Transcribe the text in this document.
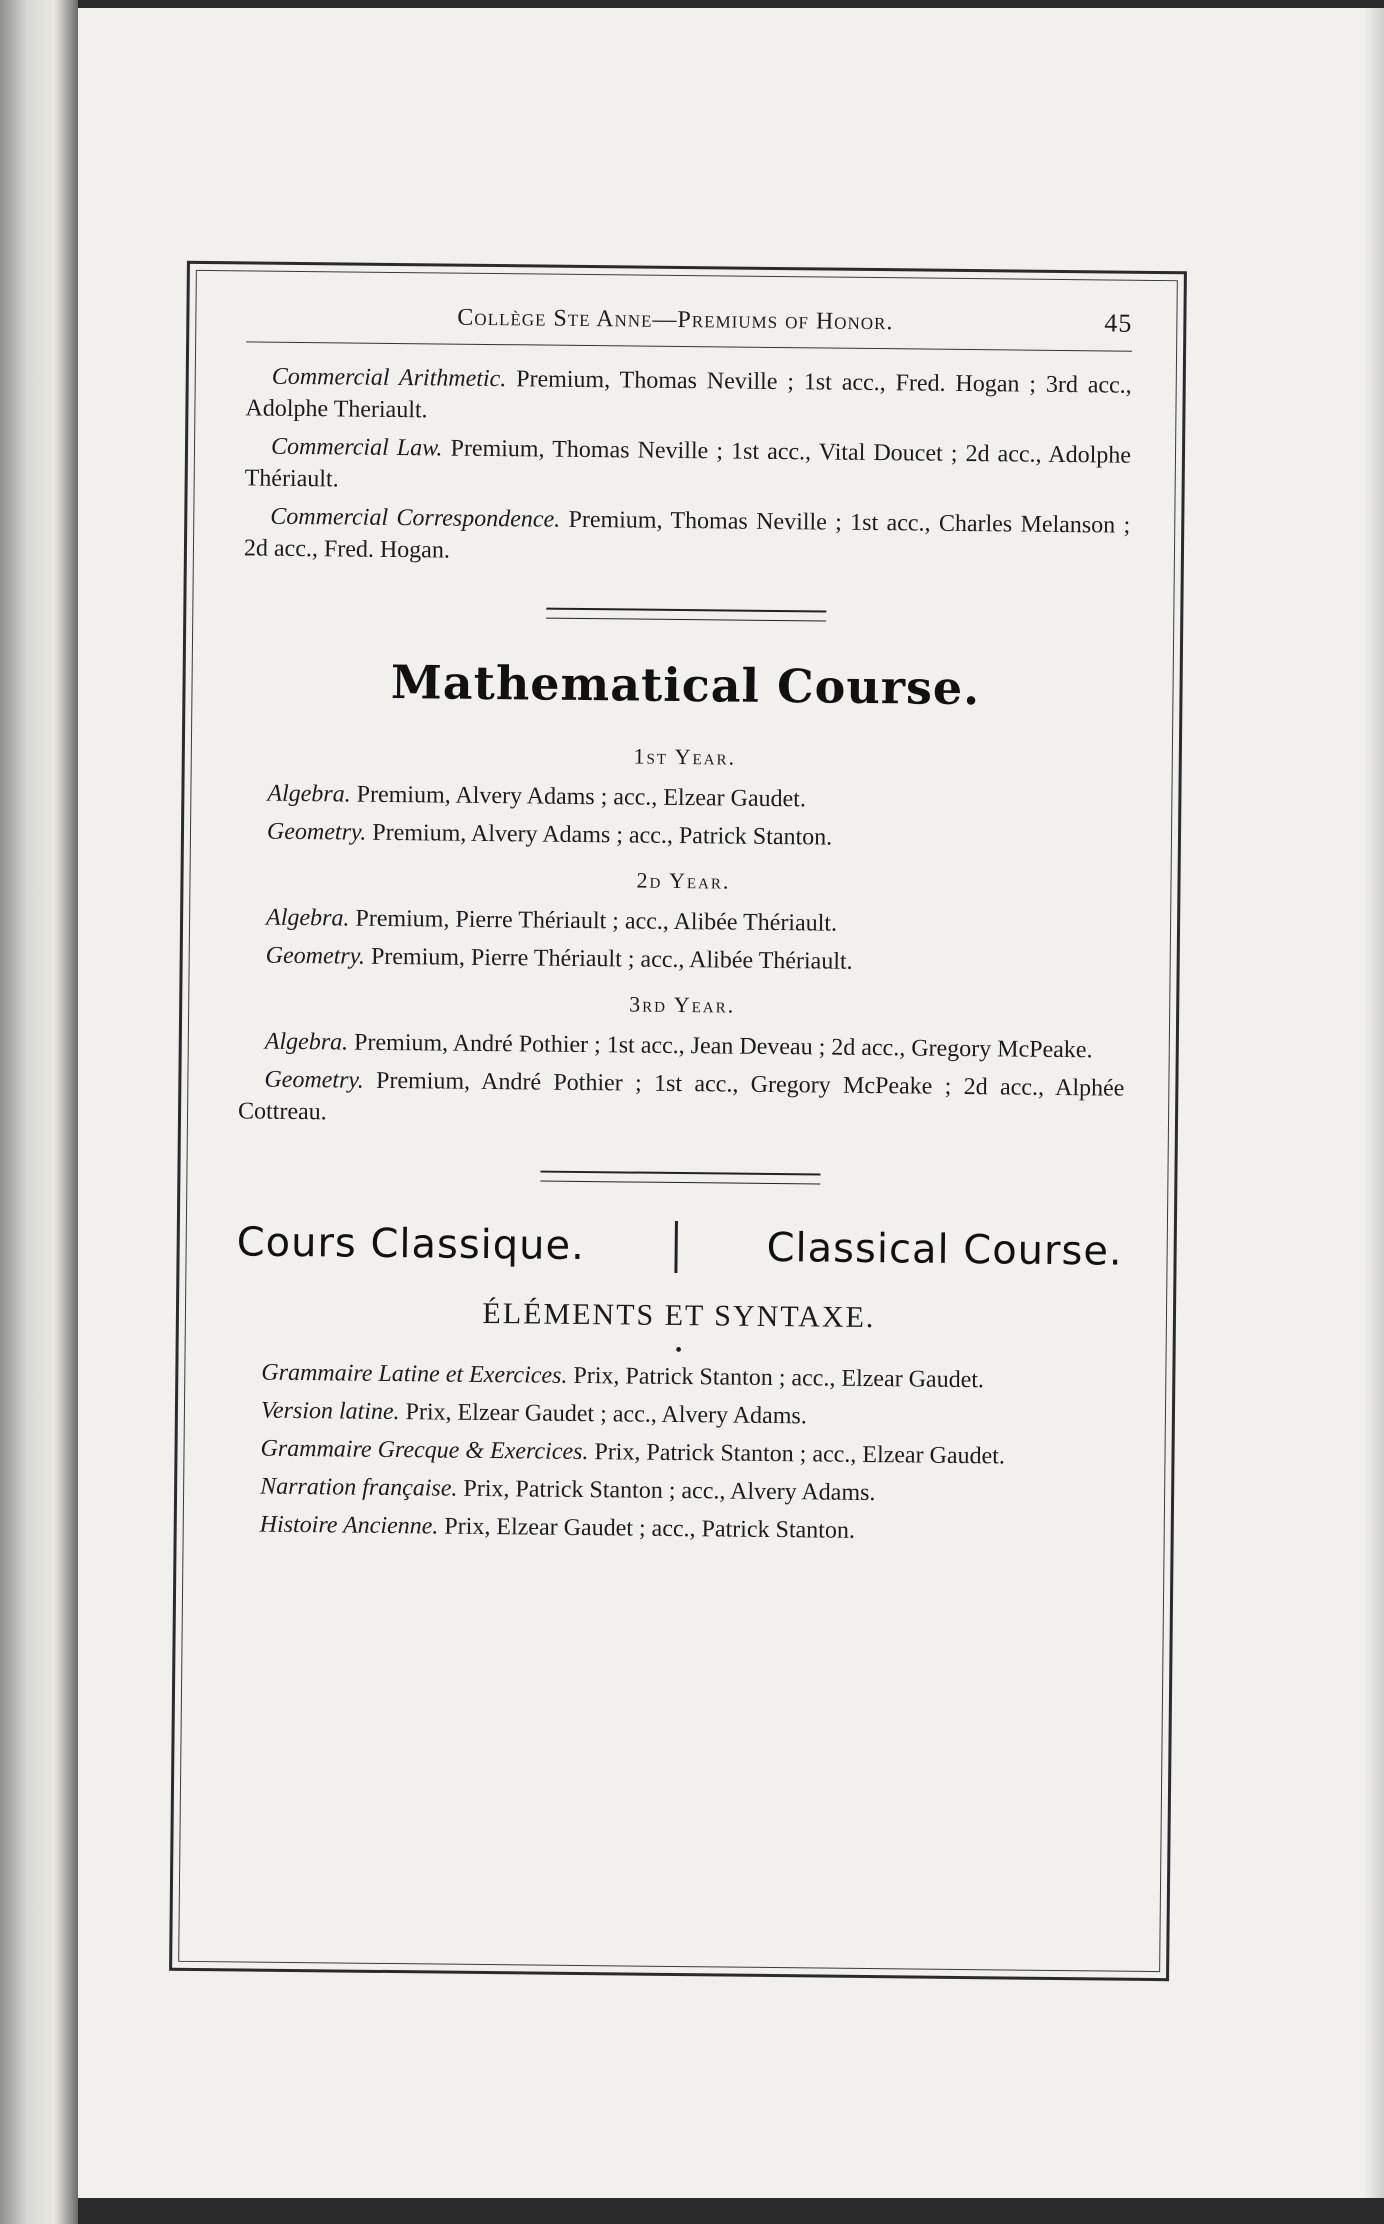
Collège Ste Anne—Premiums of Honor.	45

Commercial Arithmetic. Premium, Thomas Neville ; 1st acc., Fred. Hogan ; 3rd acc., Adolphe Theriault.

Commercial Law. Premium, Thomas Neville ; 1st acc., Vital Doucet ; 2d acc., Adolphe Thériault.

Commercial Correspondence. Premium, Thomas Neville ; 1st acc., Charles Melanson ; 2d acc., Fred. Hogan.

Mathematical Course.
1st Year.

Algebra. Premium, Alvery Adams ; acc., Elzear Gaudet.

Geometry. Premium, Alvery Adams ; acc., Patrick Stanton.

2d Year.

Algebra. Premium, Pierre Thériault ; acc., Alibée Thériault.

Geometry. Premium, Pierre Thériault ; acc., Alibée Thériault.

3rd Year.

Algebra. Premium, André Pothier ; 1st acc., Jean Deveau ; 2d acc., Gregory McPeake.

Geometry. Premium, André Pothier ; 1st acc., Gregory McPeake ; 2d acc., Alphée Cottreau.

Cours Classique.	Classical Course.
ÉLÉMENTS ET SYNTAXE.
•

Grammaire Latine et Exercices. Prix, Patrick Stanton ; acc., Elzear Gaudet.

Version latine. Prix, Elzear Gaudet ; acc., Alvery Adams.

Grammaire Grecque & Exercices. Prix, Patrick Stanton ; acc., Elzear Gaudet.

Narration française. Prix, Patrick Stanton ; acc., Alvery Adams.

Histoire Ancienne. Prix, Elzear Gaudet ; acc., Patrick Stanton.
